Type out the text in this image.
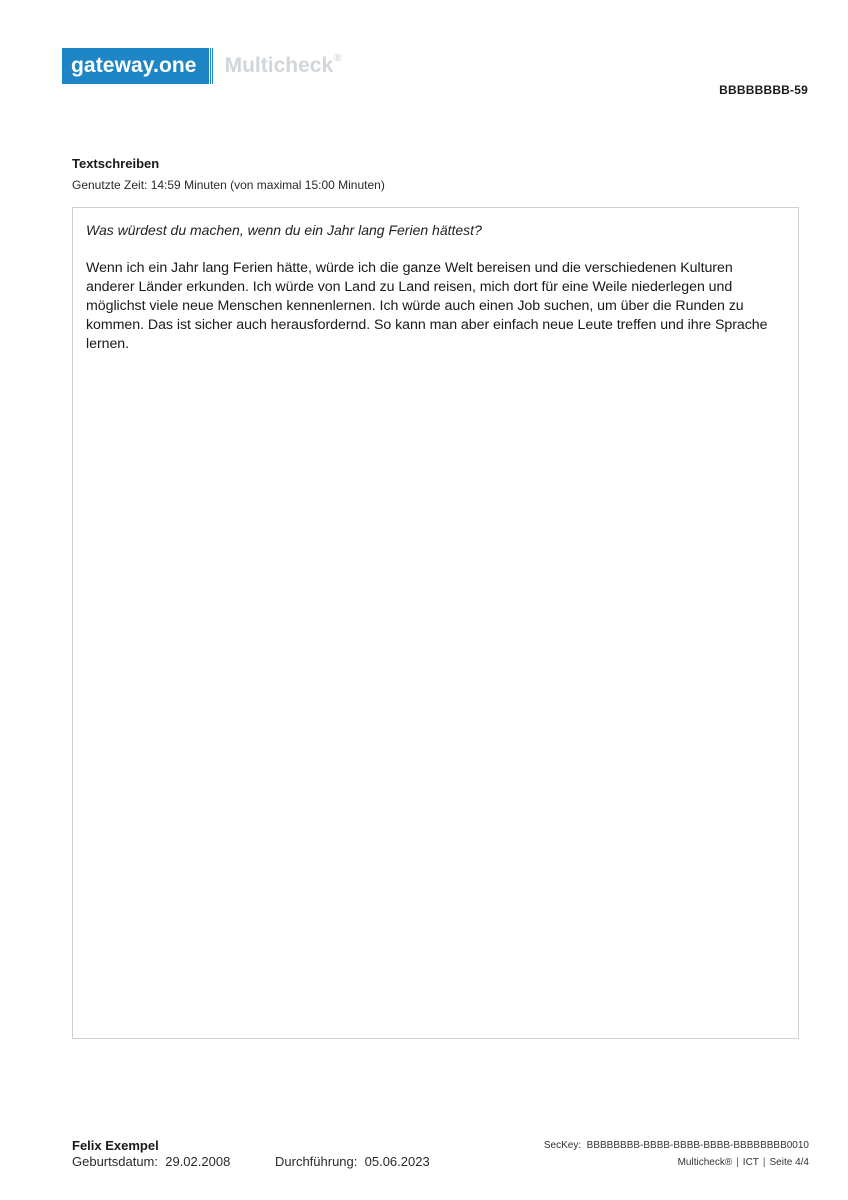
gateway.one	Multicheck®
BBBBBBBB-59
Textschreiben
Genutzte Zeit: 14:59 Minuten (von maximal 15:00 Minuten)

Was würdest du machen, wenn du ein Jahr lang Ferien hättest?

Wenn ich ein Jahr lang Ferien hätte, würde ich die ganze Welt bereisen und die verschiedenen Kulturen anderer Länder erkunden. Ich würde von Land zu Land reisen, mich dort für eine Weile niederlegen und möglichst viele neue Menschen kennenlernen. Ich würde auch einen Job suchen, um über die Runden zu kommen. Das ist sicher auch herausfordernd. So kann man aber einfach neue Leute treffen und ihre Sprache lernen.

Felix Exempel
Geburtsdatum: 29.02.2008	Durchführung: 05.06.2023
SecKey: BBBBBBBB-BBBB-BBBB-BBBB-BBBBBBBB0010
Multicheck® | ICT | Seite 4/4
